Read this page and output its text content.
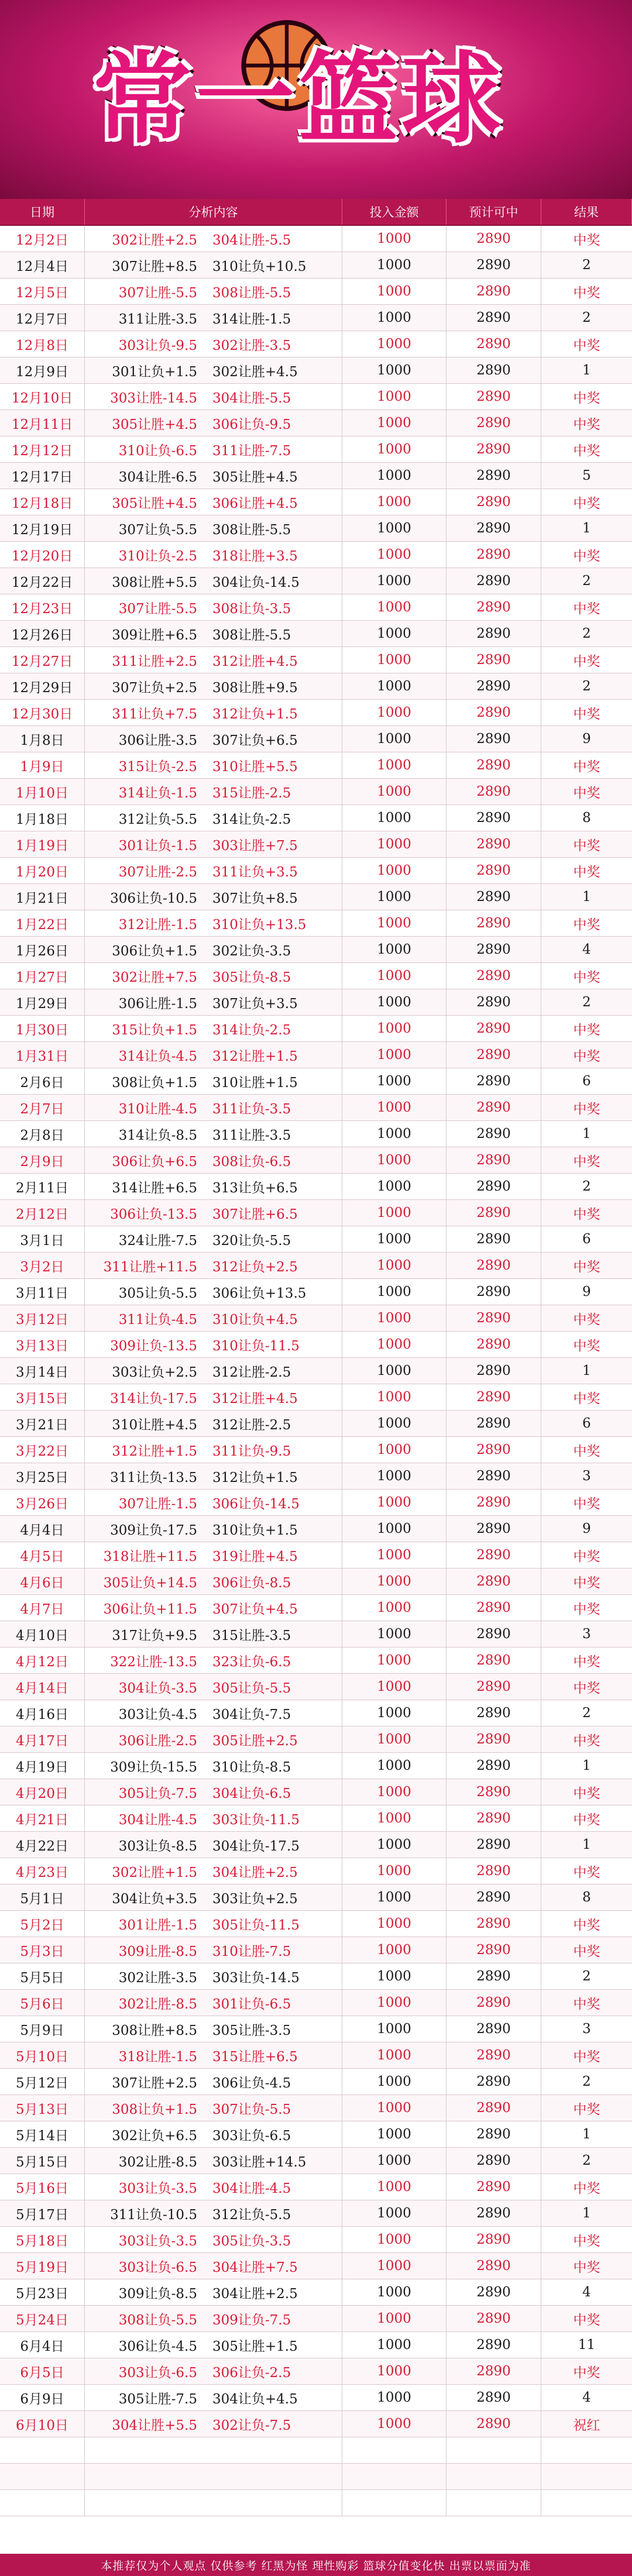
常一篮球
日期	分析内容	投入金额	预计可中	结果
12月2日	302让胜+2.5	304让胜-5.5	1000	2890	中奖
12月4日	307让胜+8.5	310让负+10.5	1000	2890	2
12月5日	307让胜-5.5	308让胜-5.5	1000	2890	中奖
12月7日	311让胜-3.5	314让胜-1.5	1000	2890	2
12月8日	303让负-9.5	302让胜-3.5	1000	2890	中奖
12月9日	301让负+1.5	302让胜+4.5	1000	2890	1
12月10日	303让胜-14.5	304让胜-5.5	1000	2890	中奖
12月11日	305让胜+4.5	306让负-9.5	1000	2890	中奖
12月12日	310让负-6.5	311让胜-7.5	1000	2890	中奖
12月17日	304让胜-6.5	305让胜+4.5	1000	2890	5
12月18日	305让胜+4.5	306让胜+4.5	1000	2890	中奖
12月19日	307让负-5.5	308让胜-5.5	1000	2890	1
12月20日	310让负-2.5	318让胜+3.5	1000	2890	中奖
12月22日	308让胜+5.5	304让负-14.5	1000	2890	2
12月23日	307让胜-5.5	308让负-3.5	1000	2890	中奖
12月26日	309让胜+6.5	308让胜-5.5	1000	2890	2
12月27日	311让胜+2.5	312让胜+4.5	1000	2890	中奖
12月29日	307让负+2.5	308让胜+9.5	1000	2890	2
12月30日	311让负+7.5	312让负+1.5	1000	2890	中奖
1月8日	306让胜-3.5	307让负+6.5	1000	2890	9
1月9日	315让负-2.5	310让胜+5.5	1000	2890	中奖
1月10日	314让负-1.5	315让胜-2.5	1000	2890	中奖
1月18日	312让负-5.5	314让负-2.5	1000	2890	8
1月19日	301让负-1.5	303让胜+7.5	1000	2890	中奖
1月20日	307让胜-2.5	311让负+3.5	1000	2890	中奖
1月21日	306让负-10.5	307让负+8.5	1000	2890	1
1月22日	312让胜-1.5	310让负+13.5	1000	2890	中奖
1月26日	306让负+1.5	302让负-3.5	1000	2890	4
1月27日	302让胜+7.5	305让负-8.5	1000	2890	中奖
1月29日	306让胜-1.5	307让负+3.5	1000	2890	2
1月30日	315让负+1.5	314让负-2.5	1000	2890	中奖
1月31日	314让负-4.5	312让胜+1.5	1000	2890	中奖
2月6日	308让负+1.5	310让胜+1.5	1000	2890	6
2月7日	310让胜-4.5	311让负-3.5	1000	2890	中奖
2月8日	314让负-8.5	311让胜-3.5	1000	2890	1
2月9日	306让负+6.5	308让负-6.5	1000	2890	中奖
2月11日	314让胜+6.5	313让负+6.5	1000	2890	2
2月12日	306让负-13.5	307让胜+6.5	1000	2890	中奖
3月1日	324让胜-7.5	320让负-5.5	1000	2890	6
3月2日	311让胜+11.5	312让负+2.5	1000	2890	中奖
3月11日	305让负-5.5	306让负+13.5	1000	2890	9
3月12日	311让负-4.5	310让负+4.5	1000	2890	中奖
3月13日	309让负-13.5	310让负-11.5	1000	2890	中奖
3月14日	303让负+2.5	312让胜-2.5	1000	2890	1
3月15日	314让负-17.5	312让胜+4.5	1000	2890	中奖
3月21日	310让胜+4.5	312让胜-2.5	1000	2890	6
3月22日	312让胜+1.5	311让负-9.5	1000	2890	中奖
3月25日	311让负-13.5	312让负+1.5	1000	2890	3
3月26日	307让胜-1.5	306让负-14.5	1000	2890	中奖
4月4日	309让负-17.5	310让负+1.5	1000	2890	9
4月5日	318让胜+11.5	319让胜+4.5	1000	2890	中奖
4月6日	305让负+14.5	306让负-8.5	1000	2890	中奖
4月7日	306让负+11.5	307让负+4.5	1000	2890	中奖
4月10日	317让负+9.5	315让胜-3.5	1000	2890	3
4月12日	322让胜-13.5	323让负-6.5	1000	2890	中奖
4月14日	304让负-3.5	305让负-5.5	1000	2890	中奖
4月16日	303让负-4.5	304让负-7.5	1000	2890	2
4月17日	306让胜-2.5	305让胜+2.5	1000	2890	中奖
4月19日	309让负-15.5	310让负-8.5	1000	2890	1
4月20日	305让负-7.5	304让负-6.5	1000	2890	中奖
4月21日	304让胜-4.5	303让负-11.5	1000	2890	中奖
4月22日	303让负-8.5	304让负-17.5	1000	2890	1
4月23日	302让胜+1.5	304让胜+2.5	1000	2890	中奖
5月1日	304让负+3.5	303让负+2.5	1000	2890	8
5月2日	301让胜-1.5	305让负-11.5	1000	2890	中奖
5月3日	309让胜-8.5	310让胜-7.5	1000	2890	中奖
5月5日	302让胜-3.5	303让负-14.5	1000	2890	2
5月6日	302让胜-8.5	301让负-6.5	1000	2890	中奖
5月9日	308让胜+8.5	305让胜-3.5	1000	2890	3
5月10日	318让胜-1.5	315让胜+6.5	1000	2890	中奖
5月12日	307让胜+2.5	306让负-4.5	1000	2890	2
5月13日	308让负+1.5	307让负-5.5	1000	2890	中奖
5月14日	302让负+6.5	303让负-6.5	1000	2890	1
5月15日	302让胜-8.5	303让胜+14.5	1000	2890	2
5月16日	303让负-3.5	304让胜-4.5	1000	2890	中奖
5月17日	311让负-10.5	312让负-5.5	1000	2890	1
5月18日	303让负-3.5	305让负-3.5	1000	2890	中奖
5月19日	303让负-6.5	304让胜+7.5	1000	2890	中奖
5月23日	309让负-8.5	304让胜+2.5	1000	2890	4
5月24日	308让负-5.5	309让负-7.5	1000	2890	中奖
6月4日	306让负-4.5	305让胜+1.5	1000	2890	11
6月5日	303让负-6.5	306让负-2.5	1000	2890	中奖
6月9日	305让胜-7.5	304让负+4.5	1000	2890	4
6月10日	304让胜+5.5	302让负-7.5	1000	2890	祝红
本推荐仅为个人观点 仅供参考 红黑为怪 理性购彩 篮球分值变化快 出票以票面为准
